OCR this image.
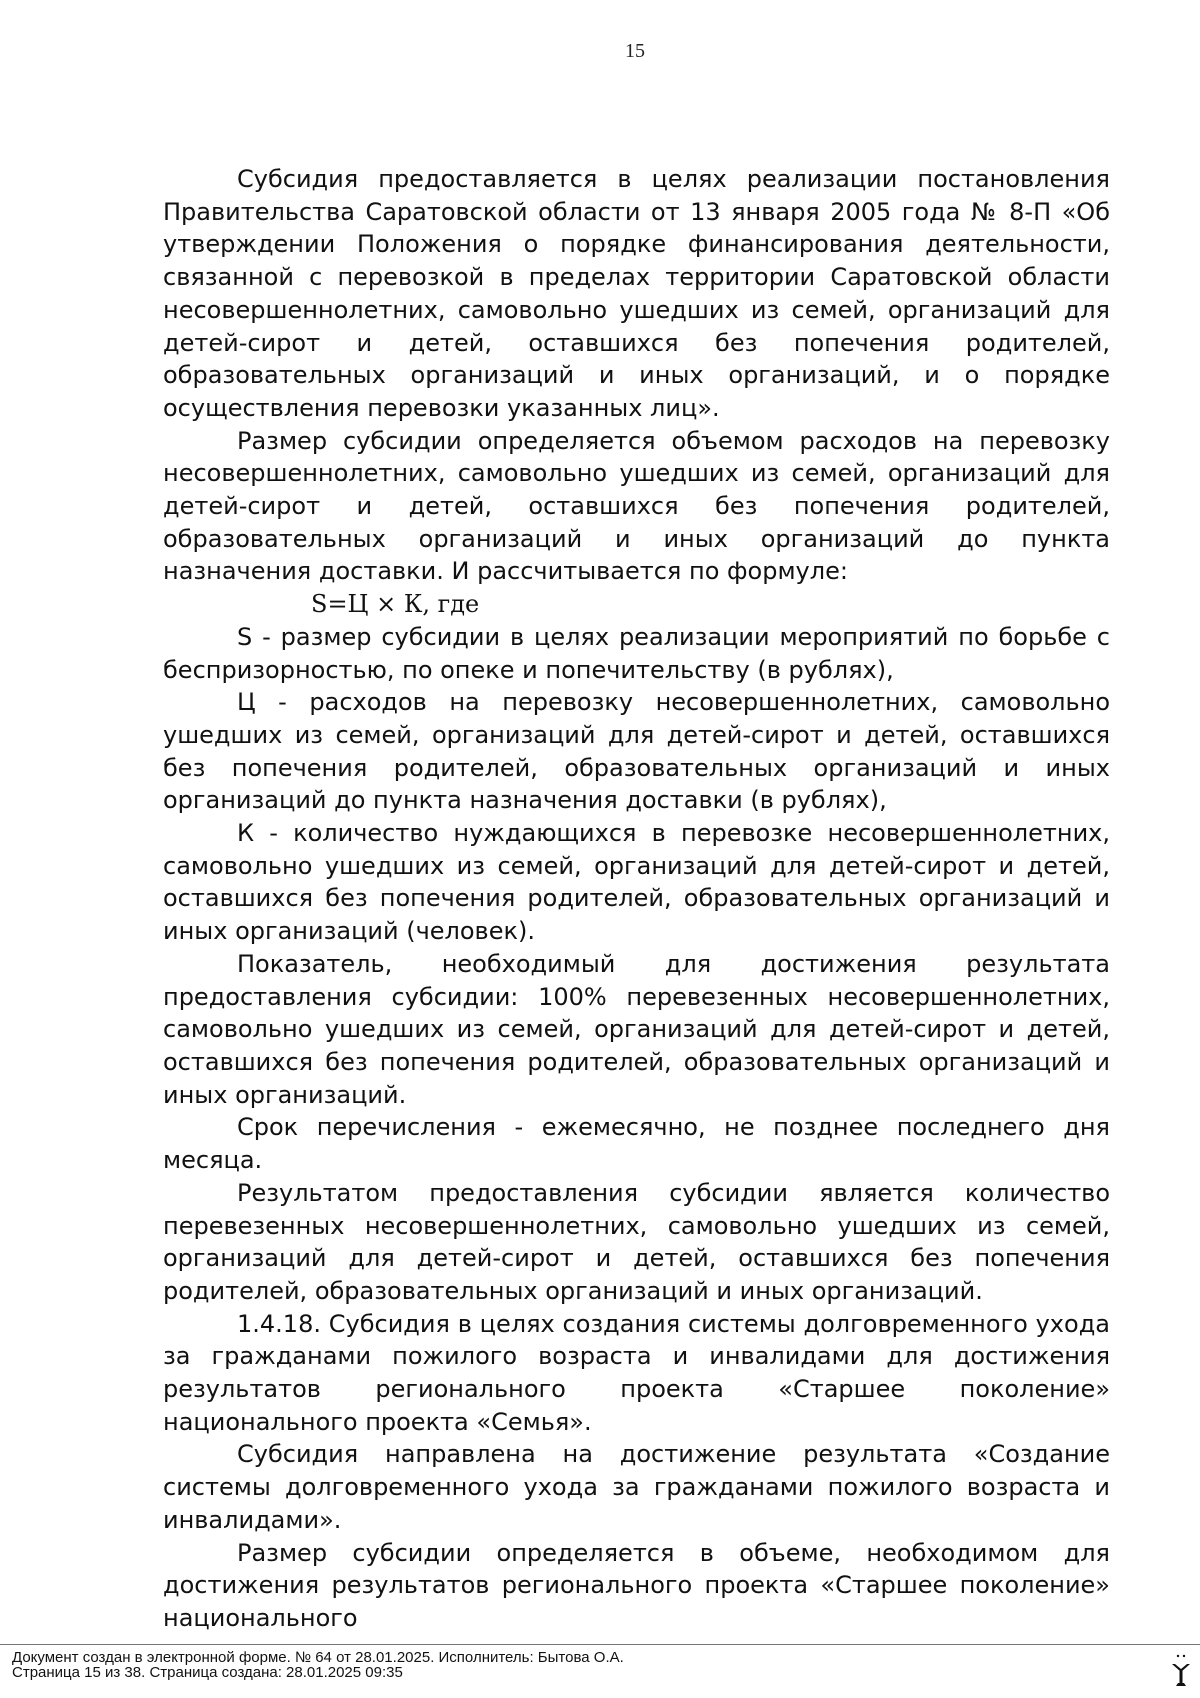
15

Субсидия предоставляется в целях реализации постановления Правительства Саратовской области от 13 января 2005 года № 8-П «Об утверждении Положения о порядке финансирования деятельности, связанной с перевозкой в пределах территории Саратовской области несовершеннолетних, самовольно ушедших из семей, организаций для детей-сирот и детей, оставшихся без попечения родителей, образовательных организаций и иных организаций, и о порядке осуществления перевозки указанных лиц».

Размер субсидии определяется объемом расходов на перевозку несовершеннолетних, самовольно ушедших из семей, организаций для детей-сирот и детей, оставшихся без попечения родителей, образовательных организаций и иных организаций до пункта назначения доставки. И рассчитывается по формуле:

S=Ц × К, где

S - размер субсидии в целях реализации мероприятий по борьбе с беспризорностью, по опеке и попечительству (в рублях),

Ц - расходов на перевозку несовершеннолетних, самовольно ушедших из семей, организаций для детей-сирот и детей, оставшихся без попечения родителей, образовательных организаций и иных организаций до пункта назначения доставки (в рублях),

К - количество нуждающихся в перевозке несовершеннолетних, самовольно ушедших из семей, организаций для детей-сирот и детей, оставшихся без попечения родителей, образовательных организаций и иных организаций (человек).

Показатель, необходимый для достижения результата предоставления субсидии: 100% перевезенных несовершеннолетних, самовольно ушедших из семей, организаций для детей-сирот и детей, оставшихся без попечения родителей, образовательных организаций и иных организаций.

Срок перечисления - ежемесячно, не позднее последнего дня месяца.

Результатом предоставления субсидии является количество перевезенных несовершеннолетних, самовольно ушедших из семей, организаций для детей-сирот и детей, оставшихся без попечения родителей, образовательных организаций и иных организаций.

1.4.18. Субсидия в целях создания системы долговременного ухода за гражданами пожилого возраста и инвалидами для достижения результатов регионального проекта «Старшее поколение» национального проекта «Семья».

Субсидия направлена на достижение результата «Создание системы долговременного ухода за гражданами пожилого возраста и инвалидами».

Размер субсидии определяется в объеме, необходимом для достижения результатов регионального проекта «Старшее поколение» национального

Документ создан в электронной форме. № 64 от 28.01.2025. Исполнитель: Бытова О.А.
Страница 15 из 38. Страница создана: 28.01.2025 09:35
